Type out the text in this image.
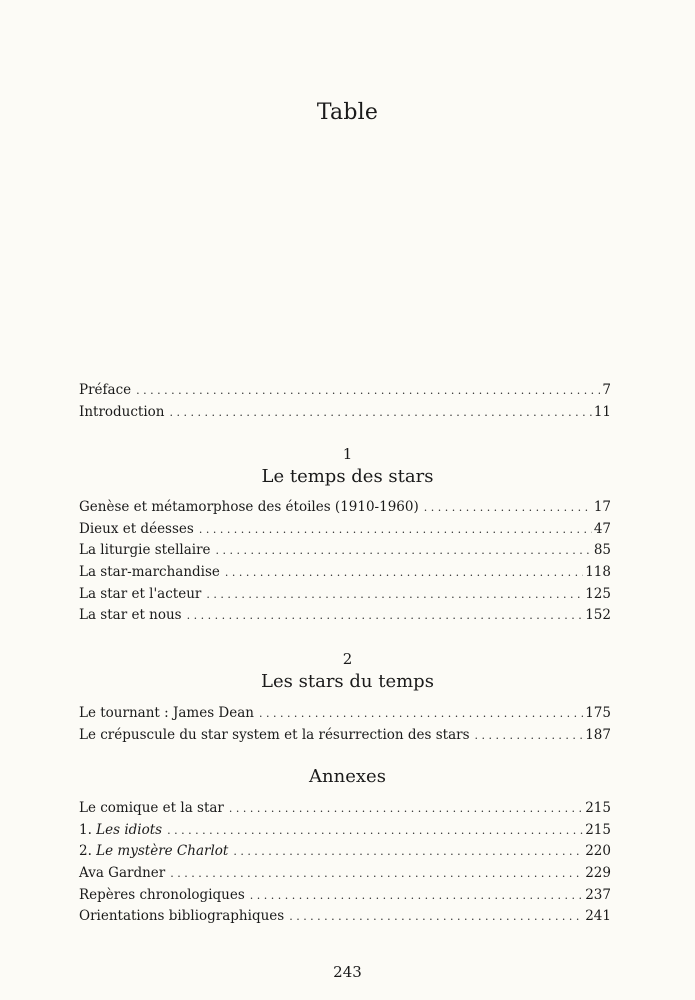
Table
Préface . . .	7
Introduction . . .	11
1
Le temps des stars
Genèse et métamorphose des étoiles (1910-1960) . . .	17
Dieux et déesses . . .	47
La liturgie stellaire . . .	85
La star-marchandise . . .	118
La star et l'acteur . . .	125
La star et nous . . .	152
2
Les stars du temps
Le tournant : James Dean . . .	175
Le crépuscule du star system et la résurrection des stars . . .	187
Annexes
Le comique et la star . . .	215
1. Les idiots . . .	215
2. Le mystère Charlot . . .	220
Ava Gardner . . .	229
Repères chronologiques . . .	237
Orientations bibliographiques . . .	241
243
